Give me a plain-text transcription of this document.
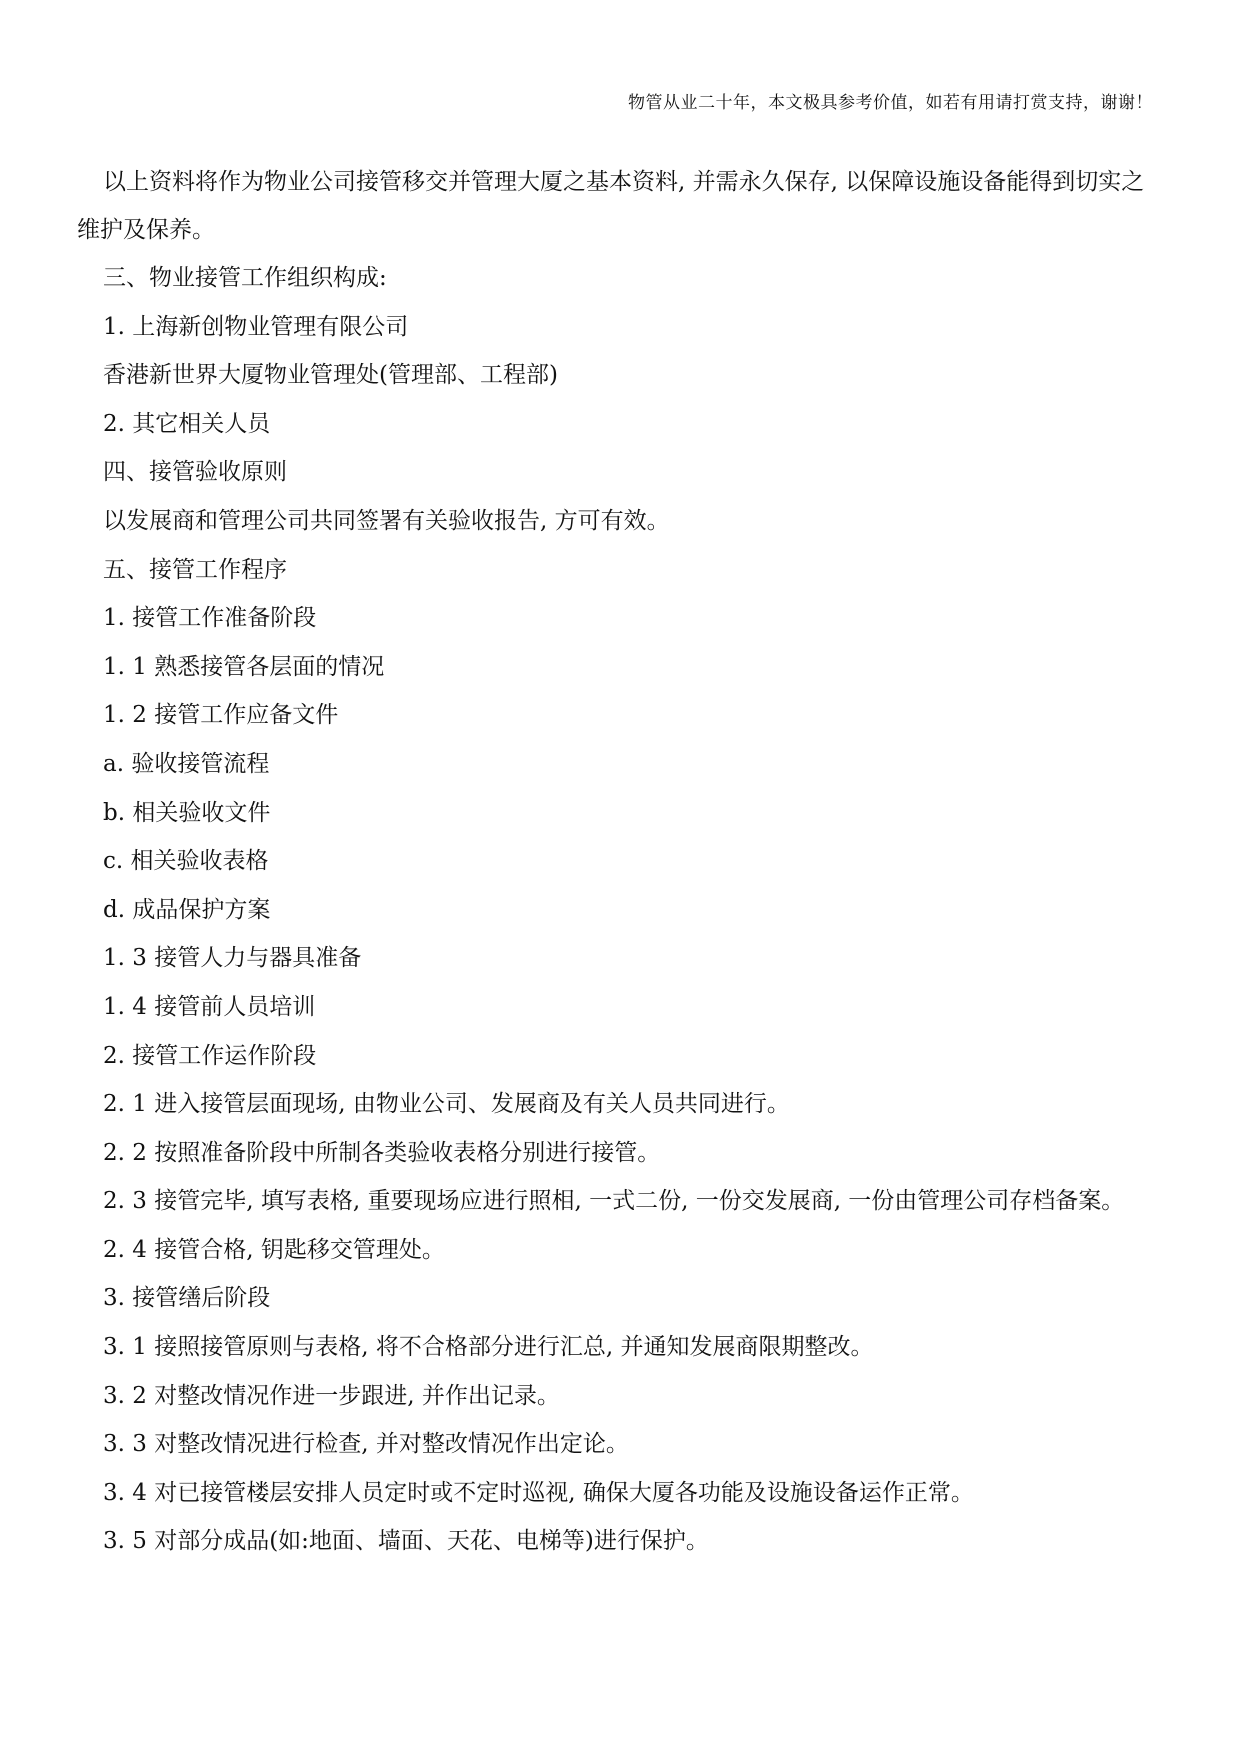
物管从业二十年，本文极具参考价值，如若有用请打赏支持，谢谢！

以上资料将作为物业公司接管移交并管理大厦之基本资料, 并需永久保存, 以保障设施设备能得到切实之维护及保养。

三、物业接管工作组织构成:
1. 上海新创物业管理有限公司
香港新世界大厦物业管理处(管理部、工程部)
2. 其它相关人员
四、接管验收原则
以发展商和管理公司共同签署有关验收报告, 方可有效。
五、接管工作程序
1. 接管工作准备阶段
1. 1 熟悉接管各层面的情况
1. 2 接管工作应备文件
a. 验收接管流程
b. 相关验收文件
c. 相关验收表格
d. 成品保护方案
1. 3 接管人力与器具准备
1. 4 接管前人员培训
2. 接管工作运作阶段
2. 1 进入接管层面现场, 由物业公司、发展商及有关人员共同进行。
2. 2 按照准备阶段中所制各类验收表格分别进行接管。
2. 3 接管完毕, 填写表格, 重要现场应进行照相, 一式二份, 一份交发展商, 一份由管理公司存档备案。
2. 4 接管合格, 钥匙移交管理处。
3. 接管缮后阶段
3. 1 接照接管原则与表格, 将不合格部分进行汇总, 并通知发展商限期整改。
3. 2 对整改情况作进一步跟进, 并作出记录。
3. 3 对整改情况进行检查, 并对整改情况作出定论。
3. 4 对已接管楼层安排人员定时或不定时巡视, 确保大厦各功能及设施设备运作正常。
3. 5 对部分成品(如:地面、墙面、天花、电梯等)进行保护。
